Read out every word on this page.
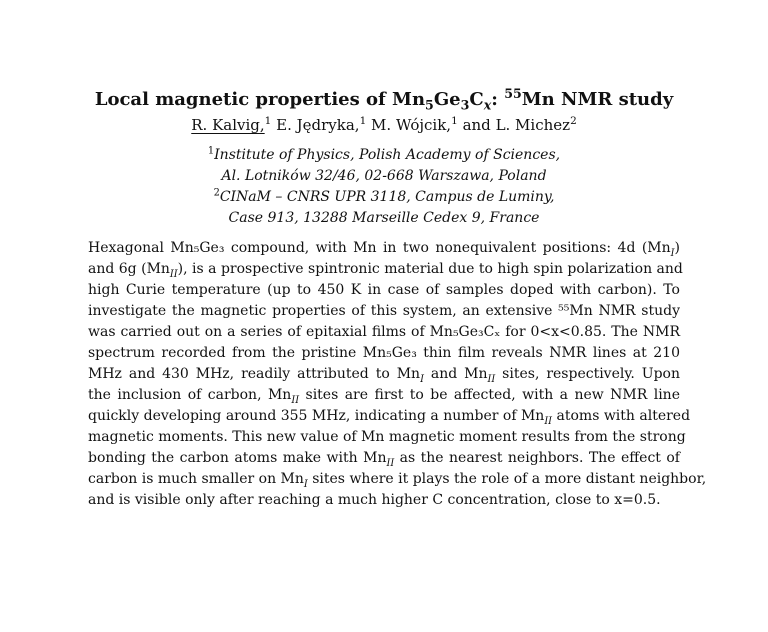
Local magnetic properties of $Mn_5Ge_3C_x$: $^{55}$Mn NMR study
R. Kalvig,$^1$ E. Jędryka,$^1$ M. Wójcik,$^1$ and L. Michez$^2$
$^1$Institute of Physics, Polish Academy of Sciences,
Al. Lotników 32/46, 02-668 Warszawa, Poland
$^2$CINaM – CNRS UPR 3118, Campus de Luminy,
Case 913, 13288 Marseille Cedex 9, France
Hexagonal Mn₅Ge₃ compound, with Mn in two nonequivalent positions: 4d $(Mn_I)$
and 6g $(Mn_{II})$, is a prospective spintronic material due to high spin polarization and
high Curie temperature (up to 450 K in case of samples doped with carbon). To
investigate the magnetic properties of this system, an extensive ⁵⁵Mn NMR study
was carried out on a series of epitaxial films of Mn₅Ge₃Cₓ for 0<x<0.85. The NMR
spectrum recorded from the pristine Mn₅Ge₃ thin film reveals NMR lines at 210
MHz and 430 MHz, readily attributed to $Mn_I$ and $Mn_{II}$ sites, respectively. Upon
the inclusion of carbon, $Mn_{II}$ sites are first to be affected, with a new NMR line
quickly developing around 355 MHz, indicating a number of $Mn_{II}$ atoms with altered
magnetic moments. This new value of Mn magnetic moment results from the strong
bonding the carbon atoms make with $Mn_{II}$ as the nearest neighbors. The effect of
carbon is much smaller on $Mn_I$ sites where it plays the role of a more distant neighbor,
and is visible only after reaching a much higher C concentration, close to x=0.5.
